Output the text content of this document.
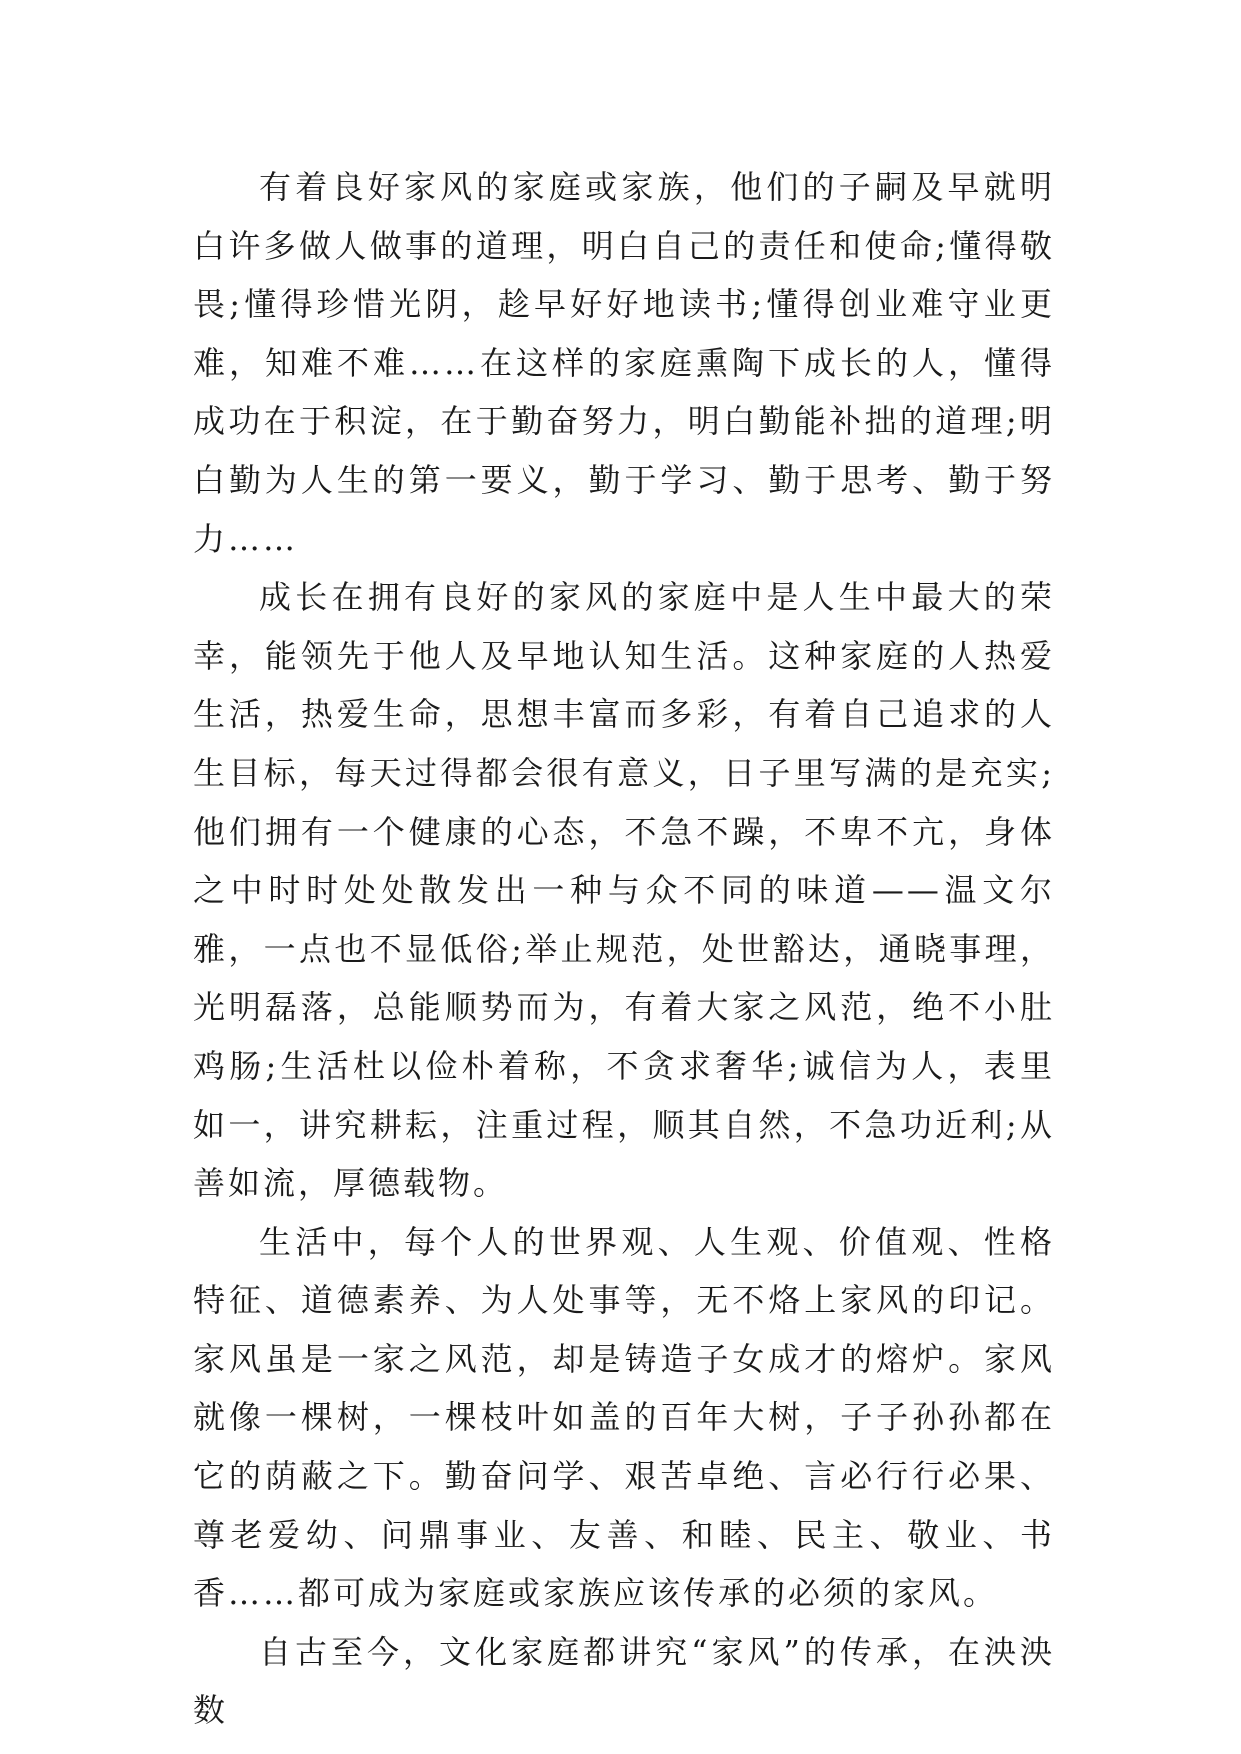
有着良好家风的家庭或家族，他们的子嗣及早就明白许多做人做事的道理，明白自己的责任和使命;懂得敬畏;懂得珍惜光阴，趁早好好地读书;懂得创业难守业更难，知难不难……在这样的家庭熏陶下成长的人，懂得成功在于积淀，在于勤奋努力，明白勤能补拙的道理;明白勤为人生的第一要义，勤于学习、勤于思考、勤于努力……

成长在拥有良好的家风的家庭中是人生中最大的荣幸，能领先于他人及早地认知生活。这种家庭的人热爱生活，热爱生命，思想丰富而多彩，有着自己追求的人生目标，每天过得都会很有意义，日子里写满的是充实;他们拥有一个健康的心态，不急不躁，不卑不亢，身体之中时时处处散发出一种与众不同的味道——温文尔雅，一点也不显低俗;举止规范，处世豁达，通晓事理，光明磊落，总能顺势而为，有着大家之风范，绝不小肚鸡肠;生活杜以俭朴着称，不贪求奢华;诚信为人，表里如一，讲究耕耘，注重过程，顺其自然，不急功近利;从善如流，厚德载物。

生活中，每个人的世界观、人生观、价值观、性格特征、道德素养、为人处事等，无不烙上家风的印记。家风虽是一家之风范，却是铸造子女成才的熔炉。家风就像一棵树，一棵枝叶如盖的百年大树，子子孙孙都在它的荫蔽之下。勤奋问学、艰苦卓绝、言必行行必果、尊老爱幼、问鼎事业、友善、和睦、民主、敬业、书香……都可成为家庭或家族应该传承的必须的家风。

自古至今，文化家庭都讲究“家风”的传承，在泱泱数
